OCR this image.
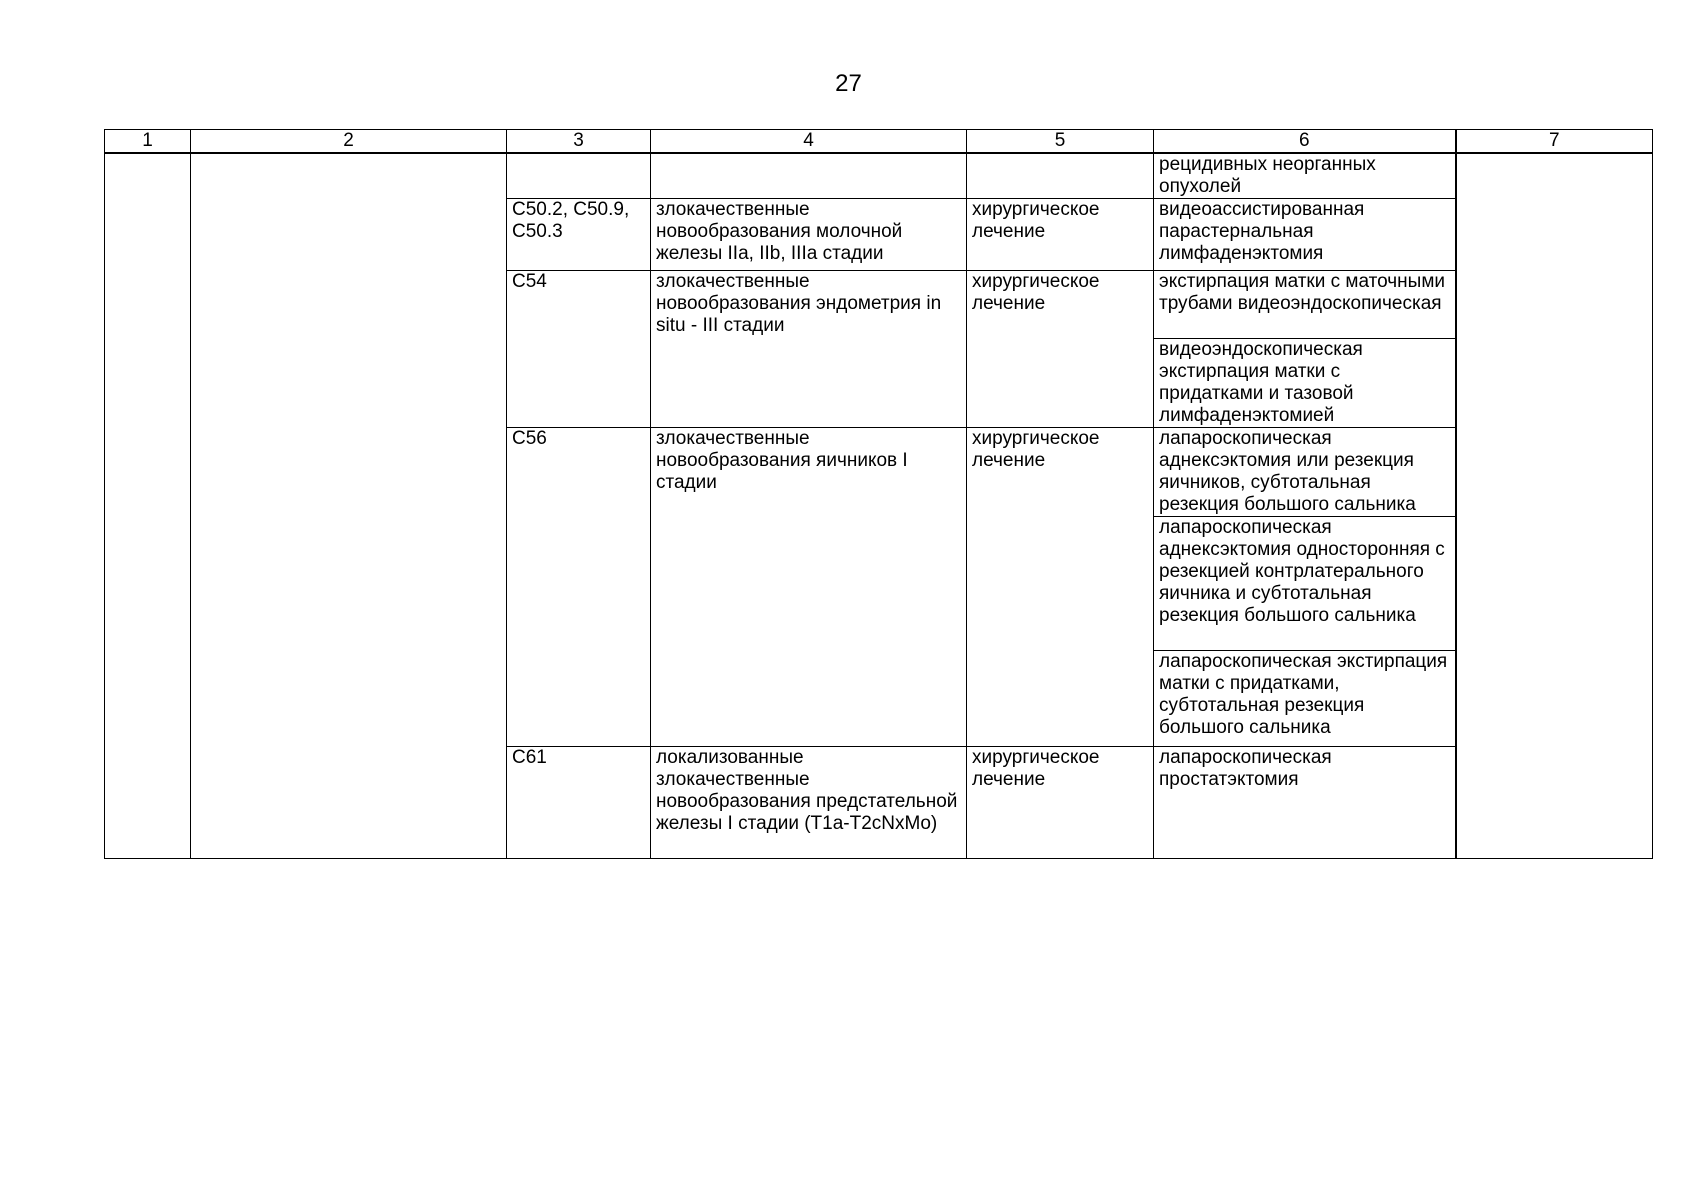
27
1	2	3	4	5	6	7
					рецидивных неорганных опухолей	
		C50.2, C50.9, C50.3	злокачественные новообразования молочной железы IIa, IIb, IIIa стадии	хирургическое лечение	видеоассистированная парастернальная лимфаденэктомия	
		C54	злокачественные новообразования эндометрия in situ - III стадии	хирургическое лечение	экстирпация матки с маточными трубами видеоэндоскопическая	
					видеоэндоскопическая экстирпация матки с придатками и тазовой лимфаденэктомией	
		C56	злокачественные новообразования яичников I стадии	хирургическое лечение	лапароскопическая аднексэктомия или резекция яичников, субтотальная резекция большого сальника	
					лапароскопическая аднексэктомия односторонняя с резекцией контрлатерального яичника и субтотальная резекция большого сальника	
					лапароскопическая экстирпация матки с придатками, субтотальная резекция большого сальника	
		C61	локализованные злокачественные новообразования предстательной железы I стадии (T1a-T2cNxMo)	хирургическое лечение	лапароскопическая простатэктомия	
